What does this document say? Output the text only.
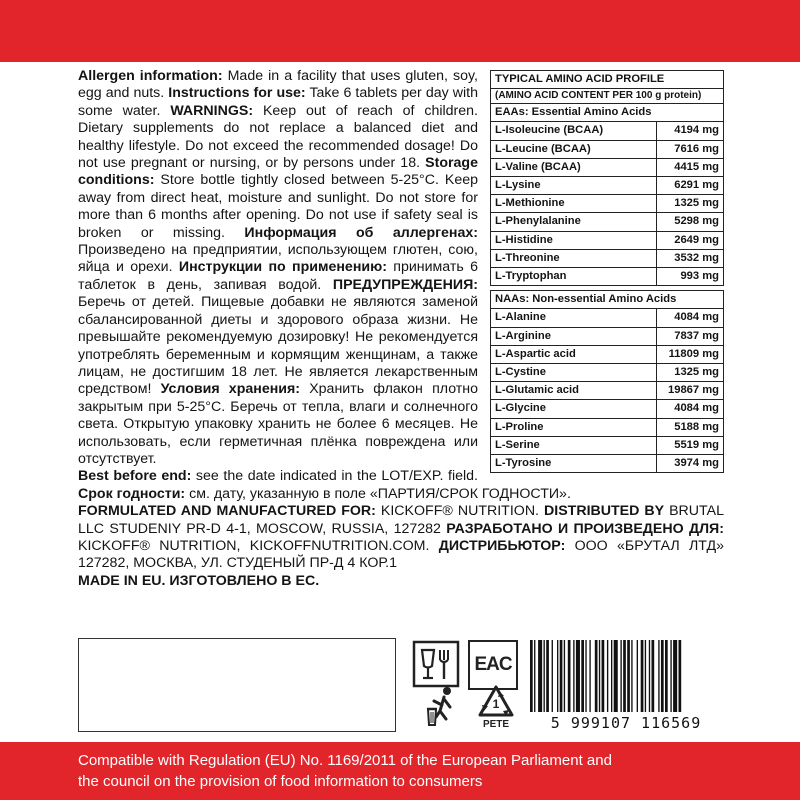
TYPICAL AMINO ACID PROFILE
(AMINO ACID CONTENT PER 100 g protein)
EAAs: Essential Amino Acids
L-Isoleucine (BCAA)	4194 mg
L-Leucine (BCAA)	7616 mg
L-Valine (BCAA)	4415 mg
L-Lysine	6291 mg
L-Methionine	1325 mg
L-Phenylalanine	5298 mg
L-Histidine	2649 mg
L-Threonine	3532 mg
L-Tryptophan	993 mg
NAAs: Non-essential Amino Acids
L-Alanine	4084 mg
L-Arginine	7837 mg
L-Aspartic acid	11809 mg
L-Cystine	1325 mg
L-Glutamic acid	19867 mg
L-Glycine	4084 mg
L-Proline	5188 mg
L-Serine	5519 mg
L-Tyrosine	3974 mg
Allergen information: Made in a facility that uses gluten, soy, egg and nuts. Instructions for use: Take 6 tablets per day with some water. WARNINGS: Keep out of reach of children. Dietary supplements do not replace a balanced diet and healthy lifestyle. Do not exceed the recommended dosage! Do not use pregnant or nursing, or by persons under 18. Storage conditions: Store bottle tightly closed between 5-25°C. Keep away from direct heat, moisture and sunlight. Do not store for more than 6 months after opening. Do not use if safety seal is broken or missing. Информация об аллергенах: Произведено на предприятии, использующем глютен, сою, яйца и орехи. Инструкции по применению: принимать 6 таблеток в день, запивая водой. ПРЕДУПРЕЖДЕНИЯ: Беречь от детей. Пищевые добавки не являются заменой сбалансированной диеты и здорового образа жизни. Не превышайте рекомендуемую дозировку! Не рекомендуется употреблять беременным и кормящим женщинам, а также лицам, не достигшим 18 лет. Не является лекарственным средством! Условия хранения: Хранить флакон плотно закрытым при 5-25°C. Беречь от тепла, влаги и солнечного света. Открытую упаковку хранить не более 6 месяцев. Не использовать, если герметичная плёнка повреждена или отсутствует.
Best before end: see the date indicated in the LOT/EXP. field. Срок годности: см. дату, указанную в поле «ПАРТИЯ/СРОК ГОДНОСТИ».
FORMULATED AND MANUFACTURED FOR: KICKOFF® NUTRITION. DISTRIBUTED BY BRUTAL LLC STUDENIY PR-D 4-1, MOSCOW, RUSSIA, 127282 РАЗРАБОТАНО И ПРОИЗВЕДЕНО ДЛЯ: KICKOFF® NUTRITION, KICKOFFNUTRITION.COM. ДИСТРИБЬЮТОР: ООО «БРУТАЛ ЛТД» 127282, МОСКВА, УЛ. СТУДЕНЫЙ ПР-Д 4 КОР.1
MADE IN EU. ИЗГОТОВЛЕНО В ЕС.
EAC
1
PETE	5 999107 116569
Compatible with Regulation (EU) No. 1169/2011 of the European Parliament and
the council on the provision of food information to consumers
